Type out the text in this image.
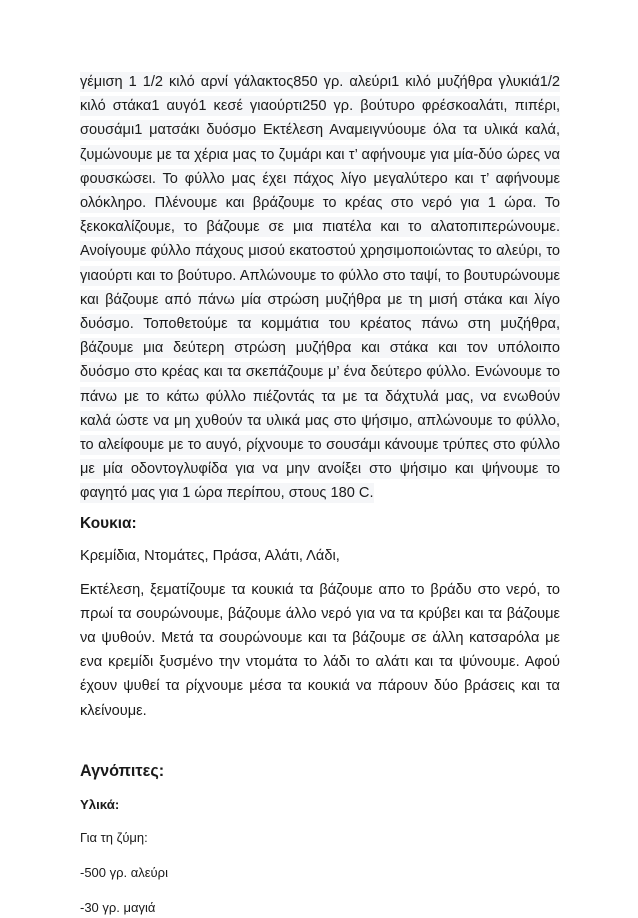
γέμιση 1 1/2 κιλό αρνί γάλακτος850 γρ. αλεύρι1 κιλό μυζήθρα γλυκιά1/2 κιλό στάκα1 αυγό1 κεσέ γιαούρτι250 γρ. βούτυρο φρέσκοαλάτι, πιπέρι, σουσάμι1 ματσάκι δυόσμο Εκτέλεση Αναμειγνύουμε όλα τα υλικά καλά, ζυμώνουμε με τα χέρια μας το ζυμάρι και τ’ αφήνουμε για μία-δύο ώρες να φουσκώσει. Το φύλλο μας έχει πάχος λίγο μεγαλύτερο και τ’ αφήνουμε ολόκληρο. Πλένουμε και βράζουμε το κρέας στο νερό για 1 ώρα. Το ξεκοκαλίζουμε, το βάζουμε σε μια πιατέλα και το αλατοπιπερώνουμε. Ανοίγουμε φύλλο πάχους μισού εκατοστού χρησιμοποιώντας το αλεύρι, το γιαούρτι και το βούτυρο. Απλώνουμε το φύλλο στο ταψί, το βουτυρώνουμε και βάζουμε από πάνω μία στρώση μυζήθρα με τη μισή στάκα και λίγο δυόσμο. Τοποθετούμε τα κομμάτια του κρέατος πάνω στη μυζήθρα, βάζουμε μια δεύτερη στρώση μυζήθρα και στάκα και τον υπόλοιπο δυόσμο στο κρέας και τα σκεπάζουμε μ’ ένα δεύτερο φύλλο. Ενώνουμε το πάνω με το κάτω φύλλο πιέζοντάς τα με τα δάχτυλά μας, να ενωθούν καλά ώστε να μη χυθούν τα υλικά μας στο ψήσιμο, απλώνουμε το φύλλο, το αλείφουμε με το αυγό, ρίχνουμε το σουσάμι κάνουμε τρύπες στο φύλλο με μία οδοντογλυφίδα για να μην ανοίξει στο ψήσιμο και ψήνουμε το φαγητό μας για 1 ώρα περίπου, στους 180 C.

Κουκια:

Κρεμίδια, Ντομάτες, Πράσα, Αλάτι, Λάδι,

Εκτέλεση, ξεματίζουμε τα κουκιά τα βάζουμε απο το βράδυ στο νερό, το πρωί τα σουρώνουμε, βάζουμε άλλο νερό για να τα κρύβει και τα βάζουμε να ψυθούν. Μετά τα σουρώνουμε και τα βάζουμε σε άλλη κατσαρόλα με ενα κρεμίδι ξυσμένο την ντομάτα το λάδι το αλάτι και τα ψύνουμε. Αφού έχουν ψυθεί τα ρίχνουμε μέσα τα κουκιά να πάρουν δύο βράσεις και τα κλείνουμε.

Αγνόπιτες:
Υλικά:

Για τη ζύμη:

-500 γρ. αλεύρι

-30 γρ. μαγιά
